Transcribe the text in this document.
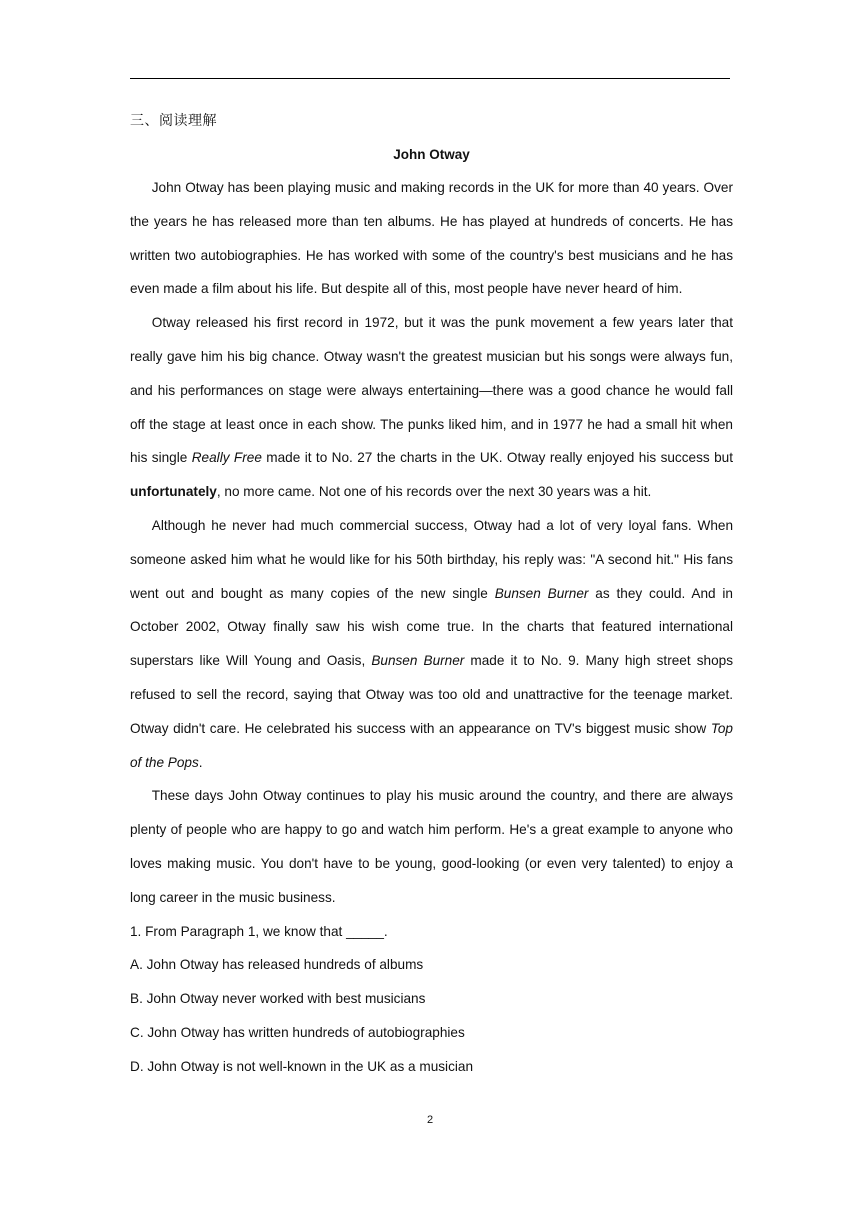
三、阅读理解
John Otway

John Otway has been playing music and making records in the UK for more than 40 years. Over the years he has released more than ten albums. He has played at hundreds of concerts. He has written two autobiographies. He has worked with some of the country's best musicians and he has even made a film about his life. But despite all of this, most people have never heard of him.

Otway released his first record in 1972, but it was the punk movement a few years later that really gave him his big chance. Otway wasn't the greatest musician but his songs were always fun, and his performances on stage were always entertaining—there was a good chance he would fall off the stage at least once in each show. The punks liked him, and in 1977 he had a small hit when his single Really Free made it to No. 27 the charts in the UK. Otway really enjoyed his success but unfortunately, no more came. Not one of his records over the next 30 years was a hit.

Although he never had much commercial success, Otway had a lot of very loyal fans. When someone asked him what he would like for his 50th birthday, his reply was: "A second hit." His fans went out and bought as many copies of the new single Bunsen Burner as they could. And in October 2002, Otway finally saw his wish come true. In the charts that featured international superstars like Will Young and Oasis, Bunsen Burner made it to No. 9. Many high street shops refused to sell the record, saying that Otway was too old and unattractive for the teenage market. Otway didn't care. He celebrated his success with an appearance on TV's biggest music show Top of the Pops.

These days John Otway continues to play his music around the country, and there are always plenty of people who are happy to go and watch him perform. He's a great example to anyone who loves making music. You don't have to be young, good-looking (or even very talented) to enjoy a long career in the music business.

1. From Paragraph 1, we know that _____.

A. John Otway has released hundreds of albums

B. John Otway never worked with best musicians

C. John Otway has written hundreds of autobiographies

D. John Otway is not well-known in the UK as a musician

2
